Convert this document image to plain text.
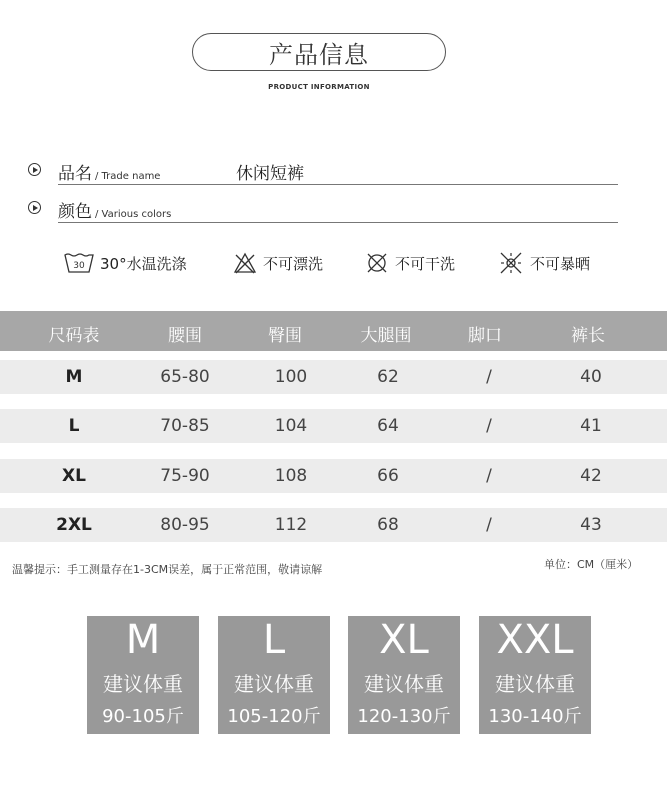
产品信息
PRODUCT INFORMATION
品名 / Trade name	休闲短裤
颜色 / Various colors
30 30°水温洗涤	不可漂洗	不可干洗	不可暴晒
尺码表	腰围	臀围	大腿围	脚口	裤长
M	65-80	100	62	/	40
L	70-85	104	64	/	41
XL	75-90	108	66	/	42
2XL	80-95	112	68	/	43
温馨提示：手工测量存在1-3CM误差，属于正常范围，敬请谅解	单位：CM（厘米）
M
建议体重
90-105斤
L
建议体重
105-120斤
XL
建议体重
120-130斤
XXL
建议体重
130-140斤
